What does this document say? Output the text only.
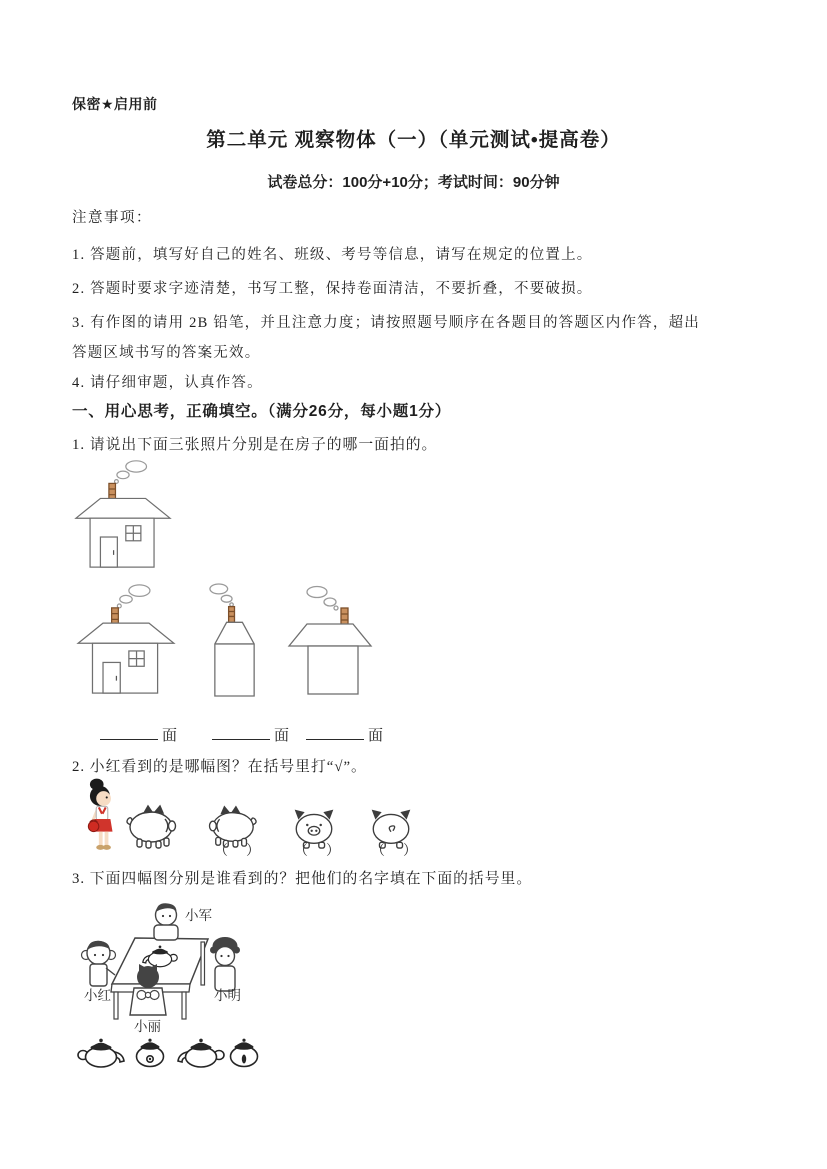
保密★启用前
第二单元 观察物体（一）（单元测试•提高卷）
试卷总分：100分+10分；考试时间：90分钟
注意事项：
1. 答题前，填写好自己的姓名、班级、考号等信息，请写在规定的位置上。
2. 答题时要求字迹清楚，书写工整，保持卷面清洁，不要折叠，不要破损。
3. 有作图的请用 2B 铅笔，并且注意力度；请按照题号顺序在各题目的答题区内作答，超出答题区域书写的答案无效。
4. 请仔细审题，认真作答。
一、用心思考，正确填空。（满分26分，每小题1分）
1. 请说出下面三张照片分别是在房子的哪一面拍的。
面	面	面
2. 小红看到的是哪幅图？在括号里打“√”。
（　） （　） （　）
3. 下面四幅图分别是谁看到的？把他们的名字填在下面的括号里。
小军
小红	小明
小丽
